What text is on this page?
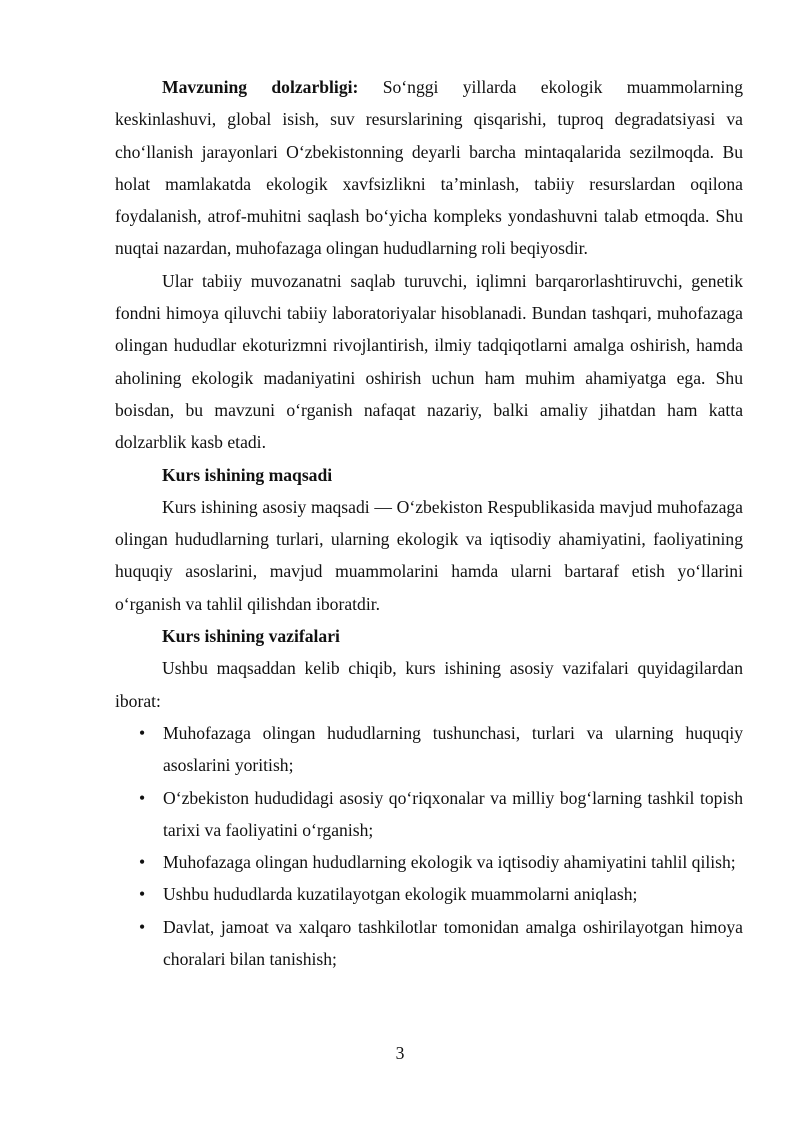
Mavzuning dolzarbligi: So‘nggi yillarda ekologik muammolarning keskinlashuvi, global isish, suv resurslarining qisqarishi, tuproq degradatsiyasi va cho‘llanish jarayonlari O‘zbekistonning deyarli barcha mintaqalarida sezilmoqda. Bu holat mamlakatda ekologik xavfsizlikni ta’minlash, tabiiy resurslardan oqilona foydalanish, atrof-muhitni saqlash bo‘yicha kompleks yondashuvni talab etmoqda. Shu nuqtai nazardan, muhofazaga olingan hududlarning roli beqiyosdir.

Ular tabiiy muvozanatni saqlab turuvchi, iqlimni barqarorlashtiruvchi, genetik fondni himoya qiluvchi tabiiy laboratoriyalar hisoblanadi. Bundan tashqari, muhofazaga olingan hududlar ekoturizmni rivojlantirish, ilmiy tadqiqotlarni amalga oshirish, hamda aholining ekologik madaniyatini oshirish uchun ham muhim ahamiyatga ega. Shu boisdan, bu mavzuni o‘rganish nafaqat nazariy, balki amaliy jihatdan ham katta dolzarblik kasb etadi.

Kurs ishining maqsadi

Kurs ishining asosiy maqsadi — O‘zbekiston Respublikasida mavjud muhofazaga olingan hududlarning turlari, ularning ekologik va iqtisodiy ahamiyatini, faoliyatining huquqiy asoslarini, mavjud muammolarini hamda ularni bartaraf etish yo‘llarini o‘rganish va tahlil qilishdan iboratdir.

Kurs ishining vazifalari

Ushbu maqsaddan kelib chiqib, kurs ishining asosiy vazifalari quyidagilardan iborat:

• Muhofazaga olingan hududlarning tushunchasi, turlari va ularning huquqiy asoslarini yoritish;
• O‘zbekiston hududidagi asosiy qo‘riqxonalar va milliy bog‘larning tashkil topish tarixi va faoliyatini o‘rganish;
• Muhofazaga olingan hududlarning ekologik va iqtisodiy ahamiyatini tahlil qilish;
• Ushbu hududlarda kuzatilayotgan ekologik muammolarni aniqlash;
• Davlat, jamoat va xalqaro tashkilotlar tomonidan amalga oshirilayotgan himoya choralari bilan tanishish;
3
